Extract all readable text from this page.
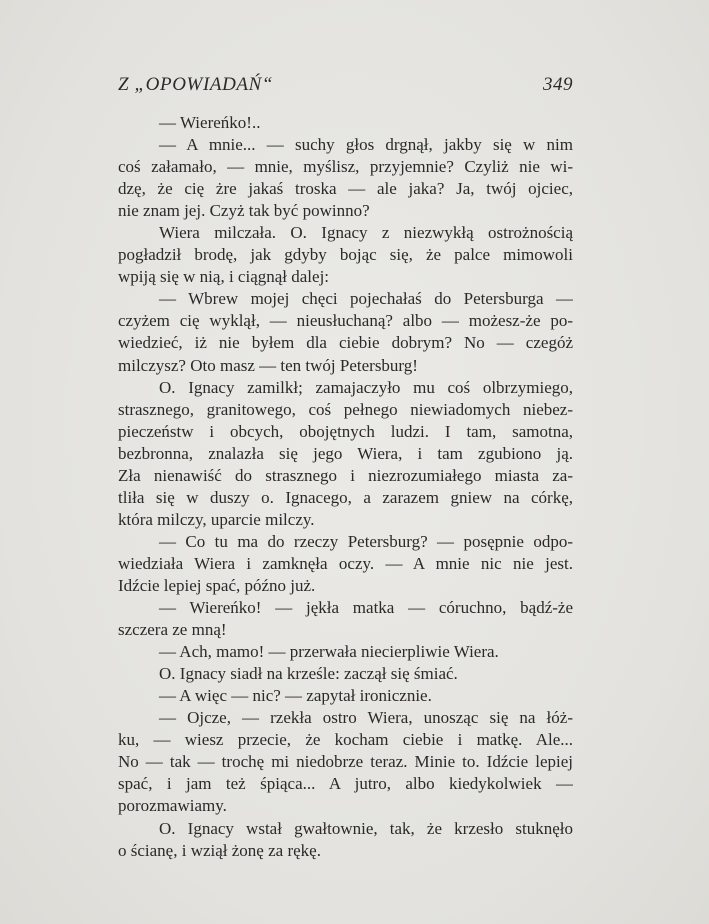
Z „OPOWIADAŃ“	349
— Wiereńko!..
— A mnie... — suchy głos drgnął, jakby się w nim
coś załamało, — mnie, myślisz, przyjemnie? Czyliż nie wi-
dzę, że cię żre jakaś troska — ale jaka? Ja, twój ojciec,
nie znam jej. Czyż tak być powinno?
Wiera milczała. O. Ignacy z niezwykłą ostrożnością
pogładził brodę, jak gdyby bojąc się, że palce mimowoli
wpiją się w nią, i ciągnął dalej:
— Wbrew mojej chęci pojechałaś do Petersburga —
czyżem cię wyklął, — nieusłuchaną? albo — możesz-że po-
wiedzieć, iż nie byłem dla ciebie dobrym? No — czegóż
milczysz? Oto masz — ten twój Petersburg!
O. Ignacy zamilkł; zamajaczyło mu coś olbrzymiego,
strasznego, granitowego, coś pełnego niewiadomych niebez-
pieczeństw i obcych, obojętnych ludzi. I tam, samotna,
bezbronna, znalazła się jego Wiera, i tam zgubiono ją.
Zła nienawiść do strasznego i niezrozumiałego miasta za-
tliła się w duszy o. Ignacego, a zarazem gniew na córkę,
która milczy, uparcie milczy.
— Co tu ma do rzeczy Petersburg? — posępnie odpo-
wiedziała Wiera i zamknęła oczy. — A mnie nic nie jest.
Idźcie lepiej spać, późno już.
— Wiereńko! — jękła matka — córuchno, bądź-że
szczera ze mną!
— Ach, mamo! — przerwała niecierpliwie Wiera.
O. Ignacy siadł na krześle: zaczął się śmiać.
— A więc — nic? — zapytał ironicznie.
— Ojcze, — rzekła ostro Wiera, unosząc się na łóż-
ku, — wiesz przecie, że kocham ciebie i matkę. Ale...
No — tak — trochę mi niedobrze teraz. Minie to. Idźcie lepiej
spać, i jam też śpiąca... A jutro, albo kiedykolwiek —
porozmawiamy.
O. Ignacy wstał gwałtownie, tak, że krzesło stuknęło
o ścianę, i wziął żonę za rękę.
